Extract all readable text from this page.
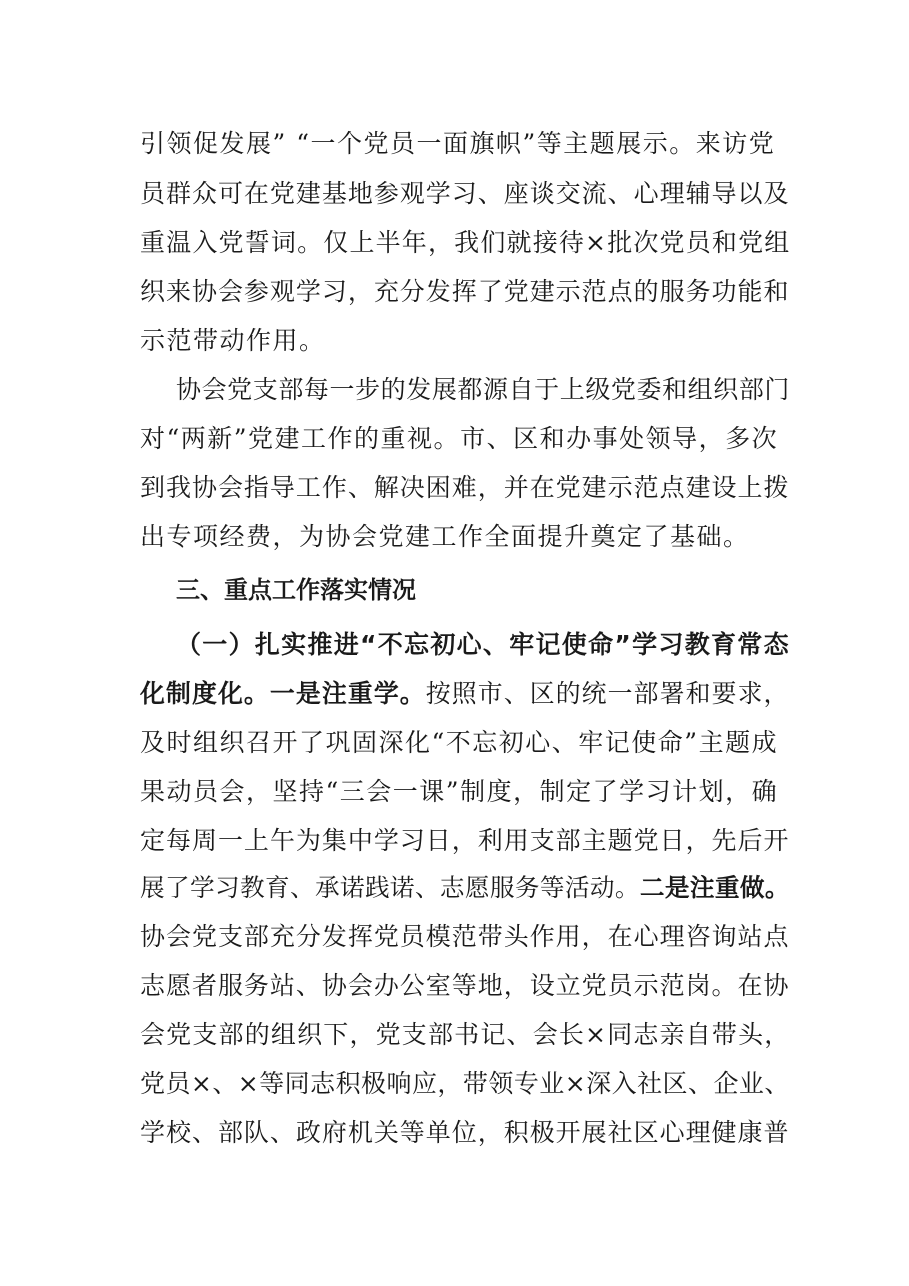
引领促发展” “一个党员一面旗帜”等主题展示。来访党
员群众可在党建基地参观学习、座谈交流、心理辅导以及
重温入党誓词。仅上半年，我们就接待×批次党员和党组
织来协会参观学习，充分发挥了党建示范点的服务功能和
示范带动作用。
协会党支部每一步的发展都源自于上级党委和组织部门
对“两新”党建工作的重视。市、区和办事处领导，多次
到我协会指导工作、解决困难，并在党建示范点建设上拨
出专项经费，为协会党建工作全面提升奠定了基础。
三、重点工作落实情况
（一）扎实推进“不忘初心、牢记使命”学习教育常态
化制度化。一是注重学。按照市、区的统一部署和要求，
及时组织召开了巩固深化“不忘初心、牢记使命”主题成
果动员会，坚持“三会一课”制度，制定了学习计划，确
定每周一上午为集中学习日，利用支部主题党日，先后开
展了学习教育、承诺践诺、志愿服务等活动。二是注重做。
协会党支部充分发挥党员模范带头作用，在心理咨询站点
志愿者服务站、协会办公室等地，设立党员示范岗。在协
会党支部的组织下，党支部书记、会长×同志亲自带头，
党员×、×等同志积极响应，带领专业×深入社区、企业、
学校、部队、政府机关等单位，积极开展社区心理健康普
